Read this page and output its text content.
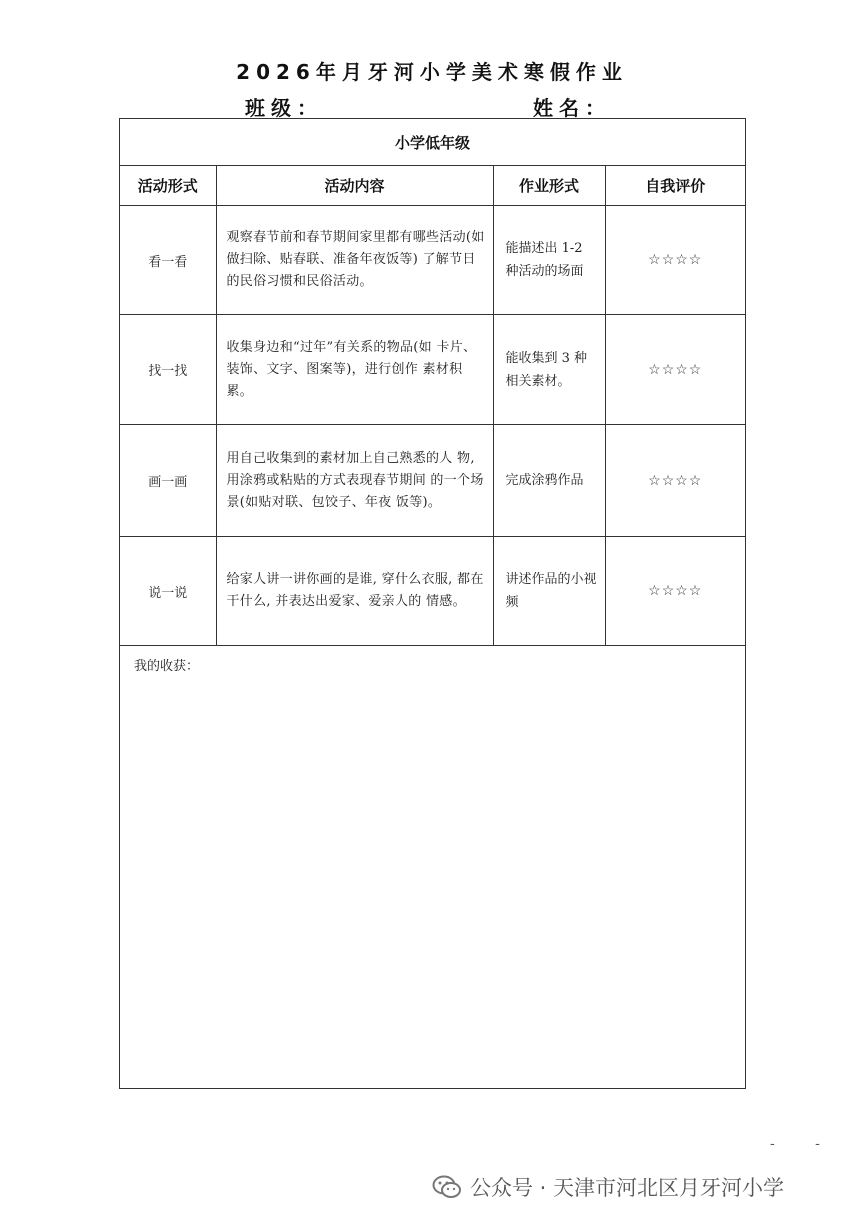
2026年月牙河小学美术寒假作业
班级：	姓名：
小学低年级			
活动形式	活动内容	作业形式	自我评价
看一看	观察春节前和春节期间家里都有哪些活动(如做扫除、贴春联、准备年夜饭等) 了解节日的民俗习惯和民俗活动。	能描述出 1-2 种活动的场面	☆☆☆☆
找一找	收集身边和“过年”有关系的物品(如 卡片、装饰、文字、图案等)，进行创作 素材积累。	能收集到 3 种相关素材。	☆☆☆☆
画一画	用自己收集到的素材加上自己熟悉的人 物, 用涂鸦或粘贴的方式表现春节期间 的一个场景(如贴对联、包饺子、年夜 饭等)。	完成涂鸦作品	☆☆☆☆
说一说	给家人讲一讲你画的是谁, 穿什么衣服, 都在干什么, 并表达出爱家、爱亲人的 情感。	讲述作品的小视频	☆☆☆☆
我的收获：
- -
公众号 · 天津市河北区月牙河小学
